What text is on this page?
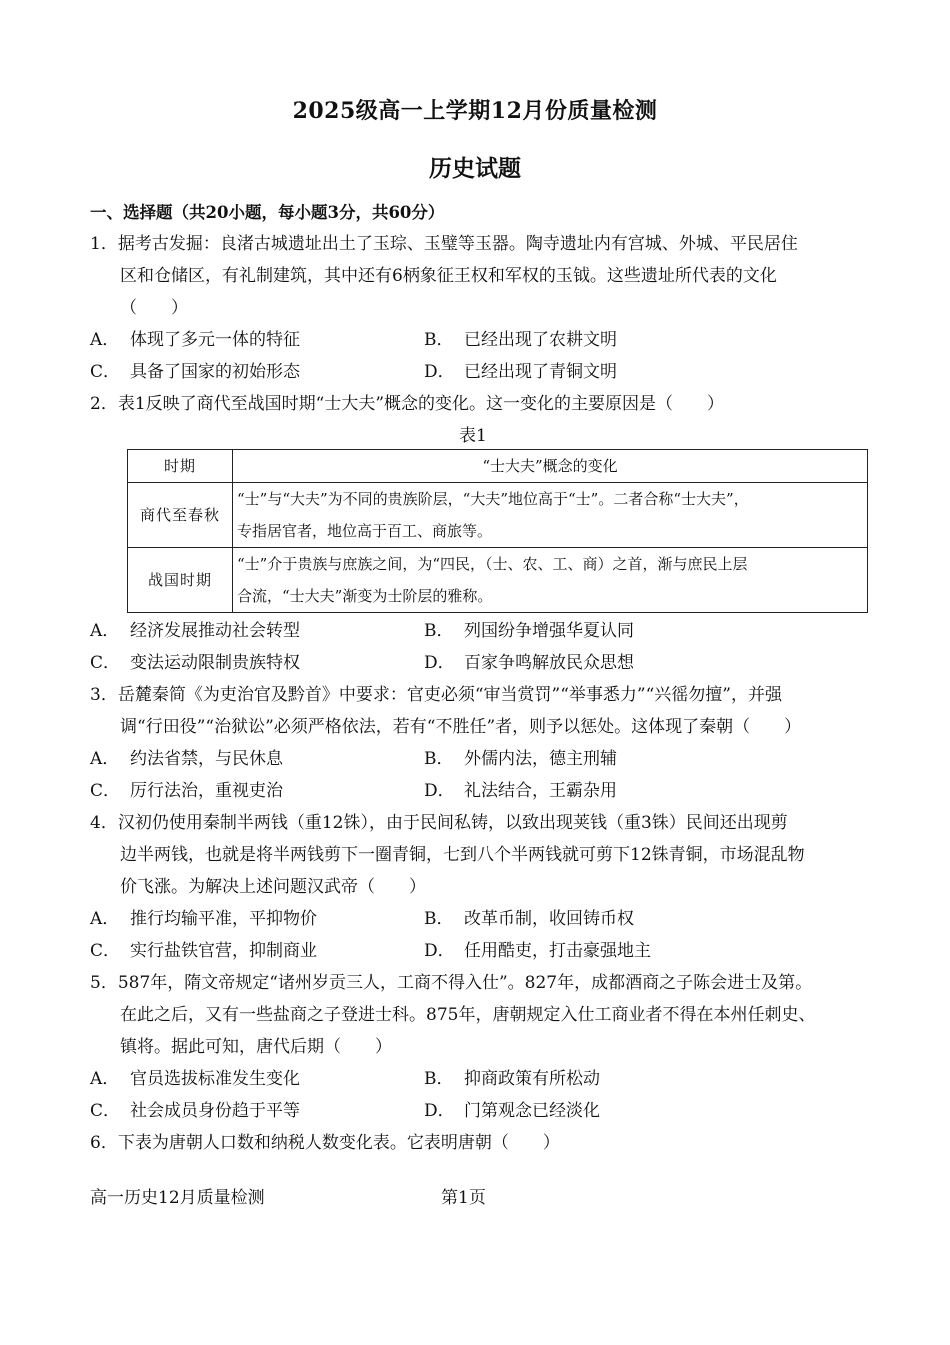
2025级高一上学期12月份质量检测
历史试题
一、选择题（共20小题，每小题3分，共60分）
1．据考古发掘：良渚古城遗址出土了玉琮、玉璧等玉器。陶寺遗址内有宫城、外城、平民居住
区和仓储区，有礼制建筑，其中还有6柄象征王权和军权的玉钺。这些遗址所代表的文化
（　　）
A． 体现了多元一体的特征	B． 已经出现了农耕文明
C． 具备了国家的初始形态	D． 已经出现了青铜文明
2．表1反映了商代至战国时期“士大夫”概念的变化。这一变化的主要原因是（　　）
表1
时期	“士大夫”概念的变化
商代至春秋	“士”与“大夫”为不同的贵族阶层，“大夫”地位高于“士”。二者合称“士大夫”，
专指居官者，地位高于百工、商旅等。

战国时期	“士”介于贵族与庶族之间，为“四民，（士、农、工、商）之首，渐与庶民上层
合流，“士大夫”渐变为士阶层的雅称。
A． 经济发展推动社会转型	B． 列国纷争增强华夏认同
C． 变法运动限制贵族特权	D． 百家争鸣解放民众思想
3．岳麓秦简《为吏治官及黔首》中要求：官吏必须“审当赏罚”“举事悉力”“兴徭勿擅”，并强
调“行田役”“治狱讼”必须严格依法，若有“不胜任”者，则予以惩处。这体现了秦朝（　　）
A． 约法省禁，与民休息	B． 外儒内法，德主刑辅
C． 厉行法治，重视吏治	D． 礼法结合，王霸杂用
4．汉初仍使用秦制半两钱（重12铢），由于民间私铸，以致出现荚钱（重3铢）民间还出现剪
边半两钱，也就是将半两钱剪下一圈青铜，七到八个半两钱就可剪下12铢青铜，市场混乱物
价飞涨。为解决上述问题汉武帝（　　）
A． 推行均输平准，平抑物价	B． 改革币制，收回铸币权
C． 实行盐铁官营，抑制商业	D． 任用酷吏，打击豪强地主
5．587年，隋文帝规定“诸州岁贡三人，工商不得入仕”。827年，成都酒商之子陈会进士及第。
在此之后，又有一些盐商之子登进士科。875年，唐朝规定入仕工商业者不得在本州任刺史、
镇将。据此可知，唐代后期（　　）
A． 官员选拔标准发生变化	B． 抑商政策有所松动
C． 社会成员身份趋于平等	D． 门第观念已经淡化
6．下表为唐朝人口数和纳税人数变化表。它表明唐朝（　　）
高一历史12月质量检测	第1页
